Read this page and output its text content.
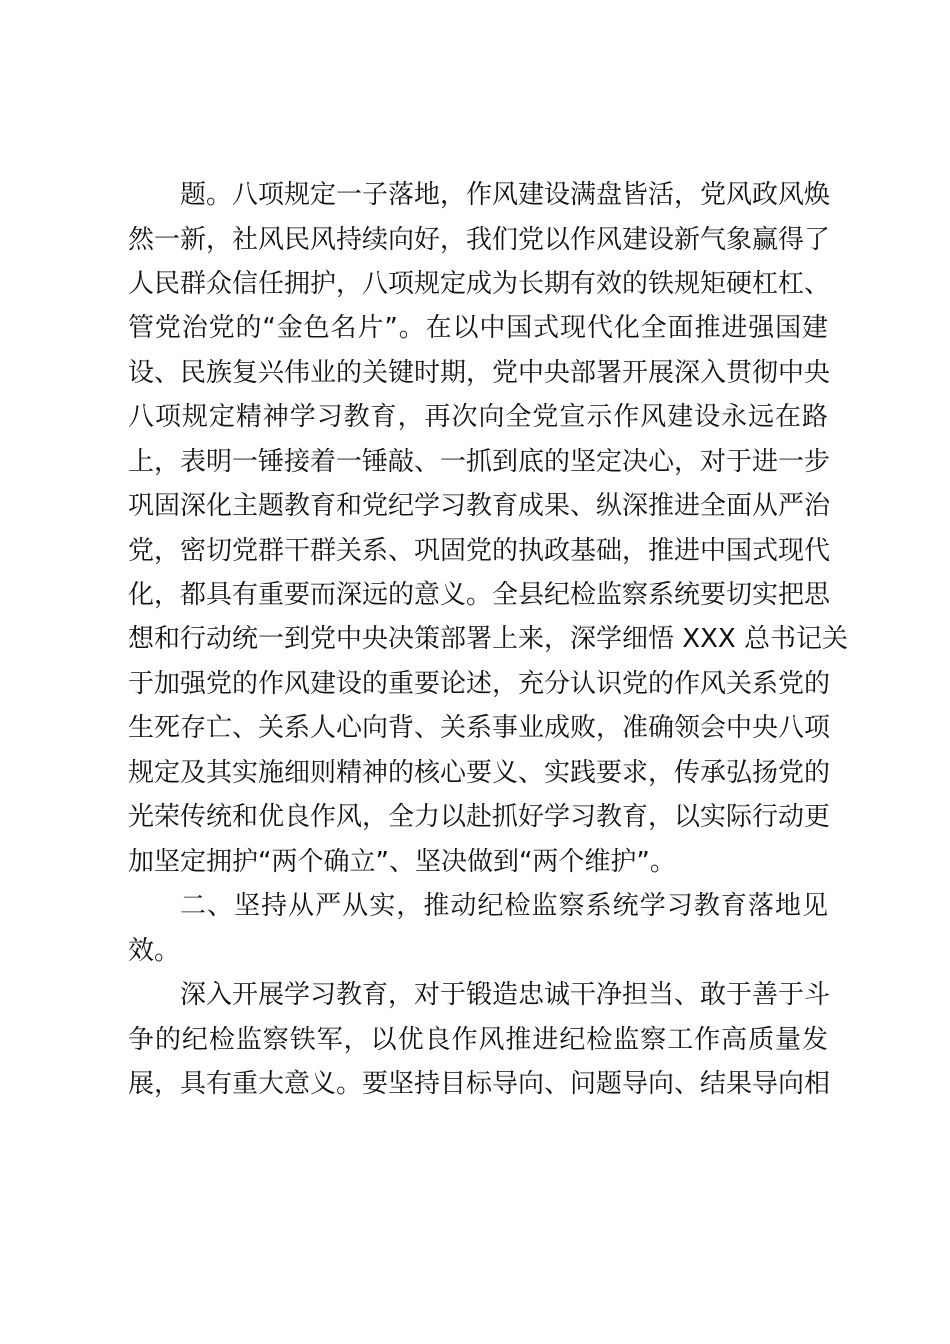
题。八项规定一子落地，作风建设满盘皆活，党风政风焕
然一新，社风民风持续向好，我们党以作风建设新气象赢得了
人民群众信任拥护，八项规定成为长期有效的铁规矩硬杠杠、
管党治党的“金色名片”。在以中国式现代化全面推进强国建
设、民族复兴伟业的关键时期，党中央部署开展深入贯彻中央
八项规定精神学习教育，再次向全党宣示作风建设永远在路
上，表明一锤接着一锤敲、一抓到底的坚定决心，对于进一步
巩固深化主题教育和党纪学习教育成果、纵深推进全面从严治
党，密切党群干群关系、巩固党的执政基础，推进中国式现代
化，都具有重要而深远的意义。全县纪检监察系统要切实把思
想和行动统一到党中央决策部署上来，深学细悟 XXX 总书记关
于加强党的作风建设的重要论述，充分认识党的作风关系党的
生死存亡、关系人心向背、关系事业成败，准确领会中央八项
规定及其实施细则精神的核心要义、实践要求，传承弘扬党的
光荣传统和优良作风，全力以赴抓好学习教育，以实际行动更
加坚定拥护“两个确立”、坚决做到“两个维护”。
二、坚持从严从实，推动纪检监察系统学习教育落地见
效。
深入开展学习教育，对于锻造忠诚干净担当、敢于善于斗
争的纪检监察铁军，以优良作风推进纪检监察工作高质量发
展，具有重大意义。要坚持目标导向、问题导向、结果导向相
